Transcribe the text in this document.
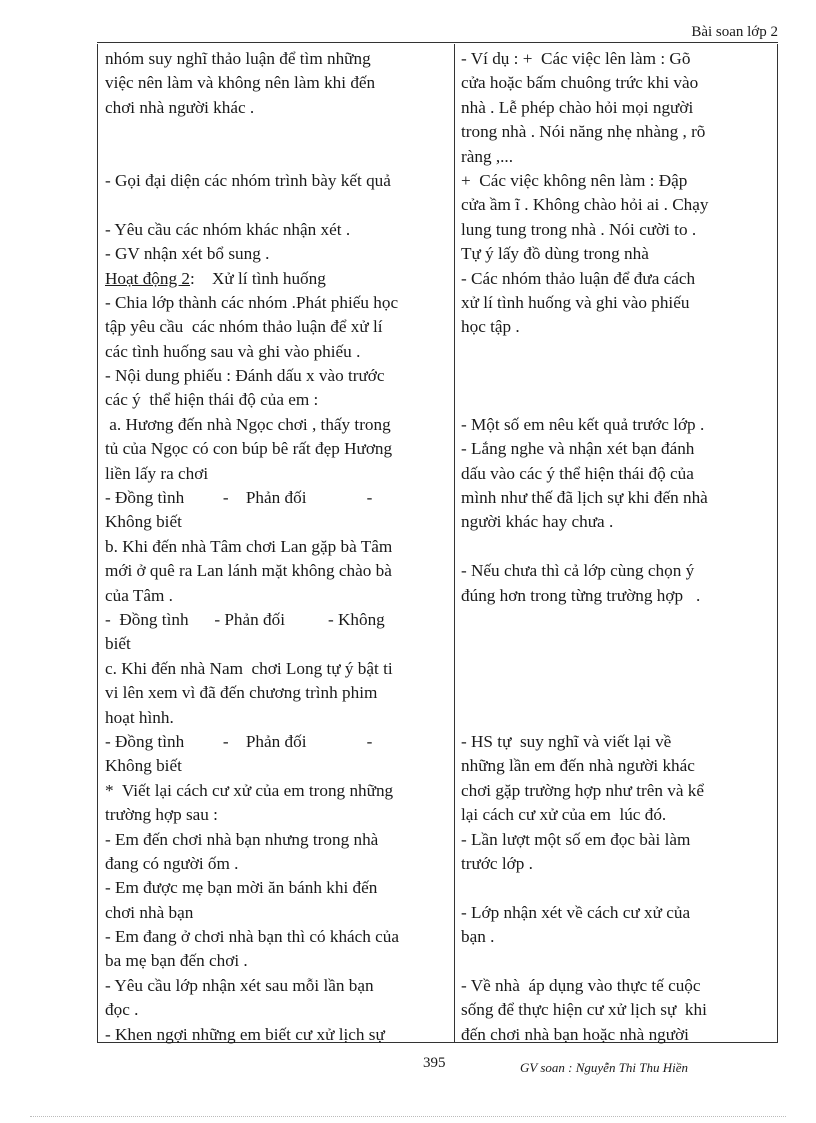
Bài soan lớp 2
nhóm suy nghĩ thảo luận để tìm những
việc nên làm và không nên làm khi đến
chơi nhà người khác .
- Gọi đại diện các nhóm trình bày kết quả
- Yêu cầu các nhóm khác nhận xét .
- GV nhận xét bổ sung .
Hoạt động 2:    Xử lí tình huống
- Chia lớp thành các nhóm .Phát phiếu học
tập yêu cầu  các nhóm thảo luận để xử lí
các tình huống sau và ghi vào phiếu .
- Nội dung phiếu : Đánh dấu x vào trước
các ý  thể hiện thái độ của em :
a. Hương đến nhà Ngọc chơi , thấy trong
tủ của Ngọc có con búp bê rất đẹp Hương
liền lấy ra chơi
- Đồng tình         -    Phản đối              -
Không biết
b. Khi đến nhà Tâm chơi Lan gặp bà Tâm
mới ở quê ra Lan lánh mặt không chào bà
của Tâm .
-  Đồng tình      - Phản đối          - Không
biết
c. Khi đến nhà Nam  chơi Long tự ý bật ti
vi lên xem vì đã đến chương trình phim
hoạt hình.
- Đồng tình         -    Phản đối              -
Không biết
*  Viết lại cách cư xử của em trong những
trường hợp sau :
- Em đến chơi nhà bạn nhưng trong nhà
đang có người ốm .
- Em được mẹ bạn mời ăn bánh khi đến
chơi nhà bạn
- Em đang ở chơi nhà bạn thì có khách của
ba mẹ bạn đến chơi .
- Yêu cầu lớp nhận xét sau mỗi lần bạn
đọc .
- Khen ngợi những em biết cư xử lịch sự
- Ví dụ : +  Các việc lên làm : Gõ
cửa hoặc bấm chuông trức khi vào
nhà . Lễ phép chào hỏi mọi người
trong nhà . Nói năng nhẹ nhàng , rõ
ràng ,...
+  Các việc không nên làm : Đập
cửa ầm ĩ . Không chào hỏi ai . Chạy
lung tung trong nhà . Nói cười to .
Tự ý lấy đồ dùng trong nhà
- Các nhóm thảo luận để đưa cách
xử lí tình huống và ghi vào phiếu
học tập .
- Một số em nêu kết quả trước lớp .
- Lắng nghe và nhận xét bạn đánh
dấu vào các ý thể hiện thái độ của
mình như thế đã lịch sự khi đến nhà
người khác hay chưa .
- Nếu chưa thì cả lớp cùng chọn ý
đúng hơn trong từng trường hợp   .
- HS tự  suy nghĩ và viết lại về
những lần em đến nhà người khác
chơi gặp trường hợp như trên và kể
lại cách cư xử của em  lúc đó.
- Lần lượt một số em đọc bài làm
trước lớp .
- Lớp nhận xét về cách cư xử của
bạn .
- Về nhà  áp dụng vào thực tế cuộc
sống để thực hiện cư xử lịch sự  khi
đến chơi nhà bạn hoặc nhà người
395	GV soan : Nguyễn Thi Thu Hiền
